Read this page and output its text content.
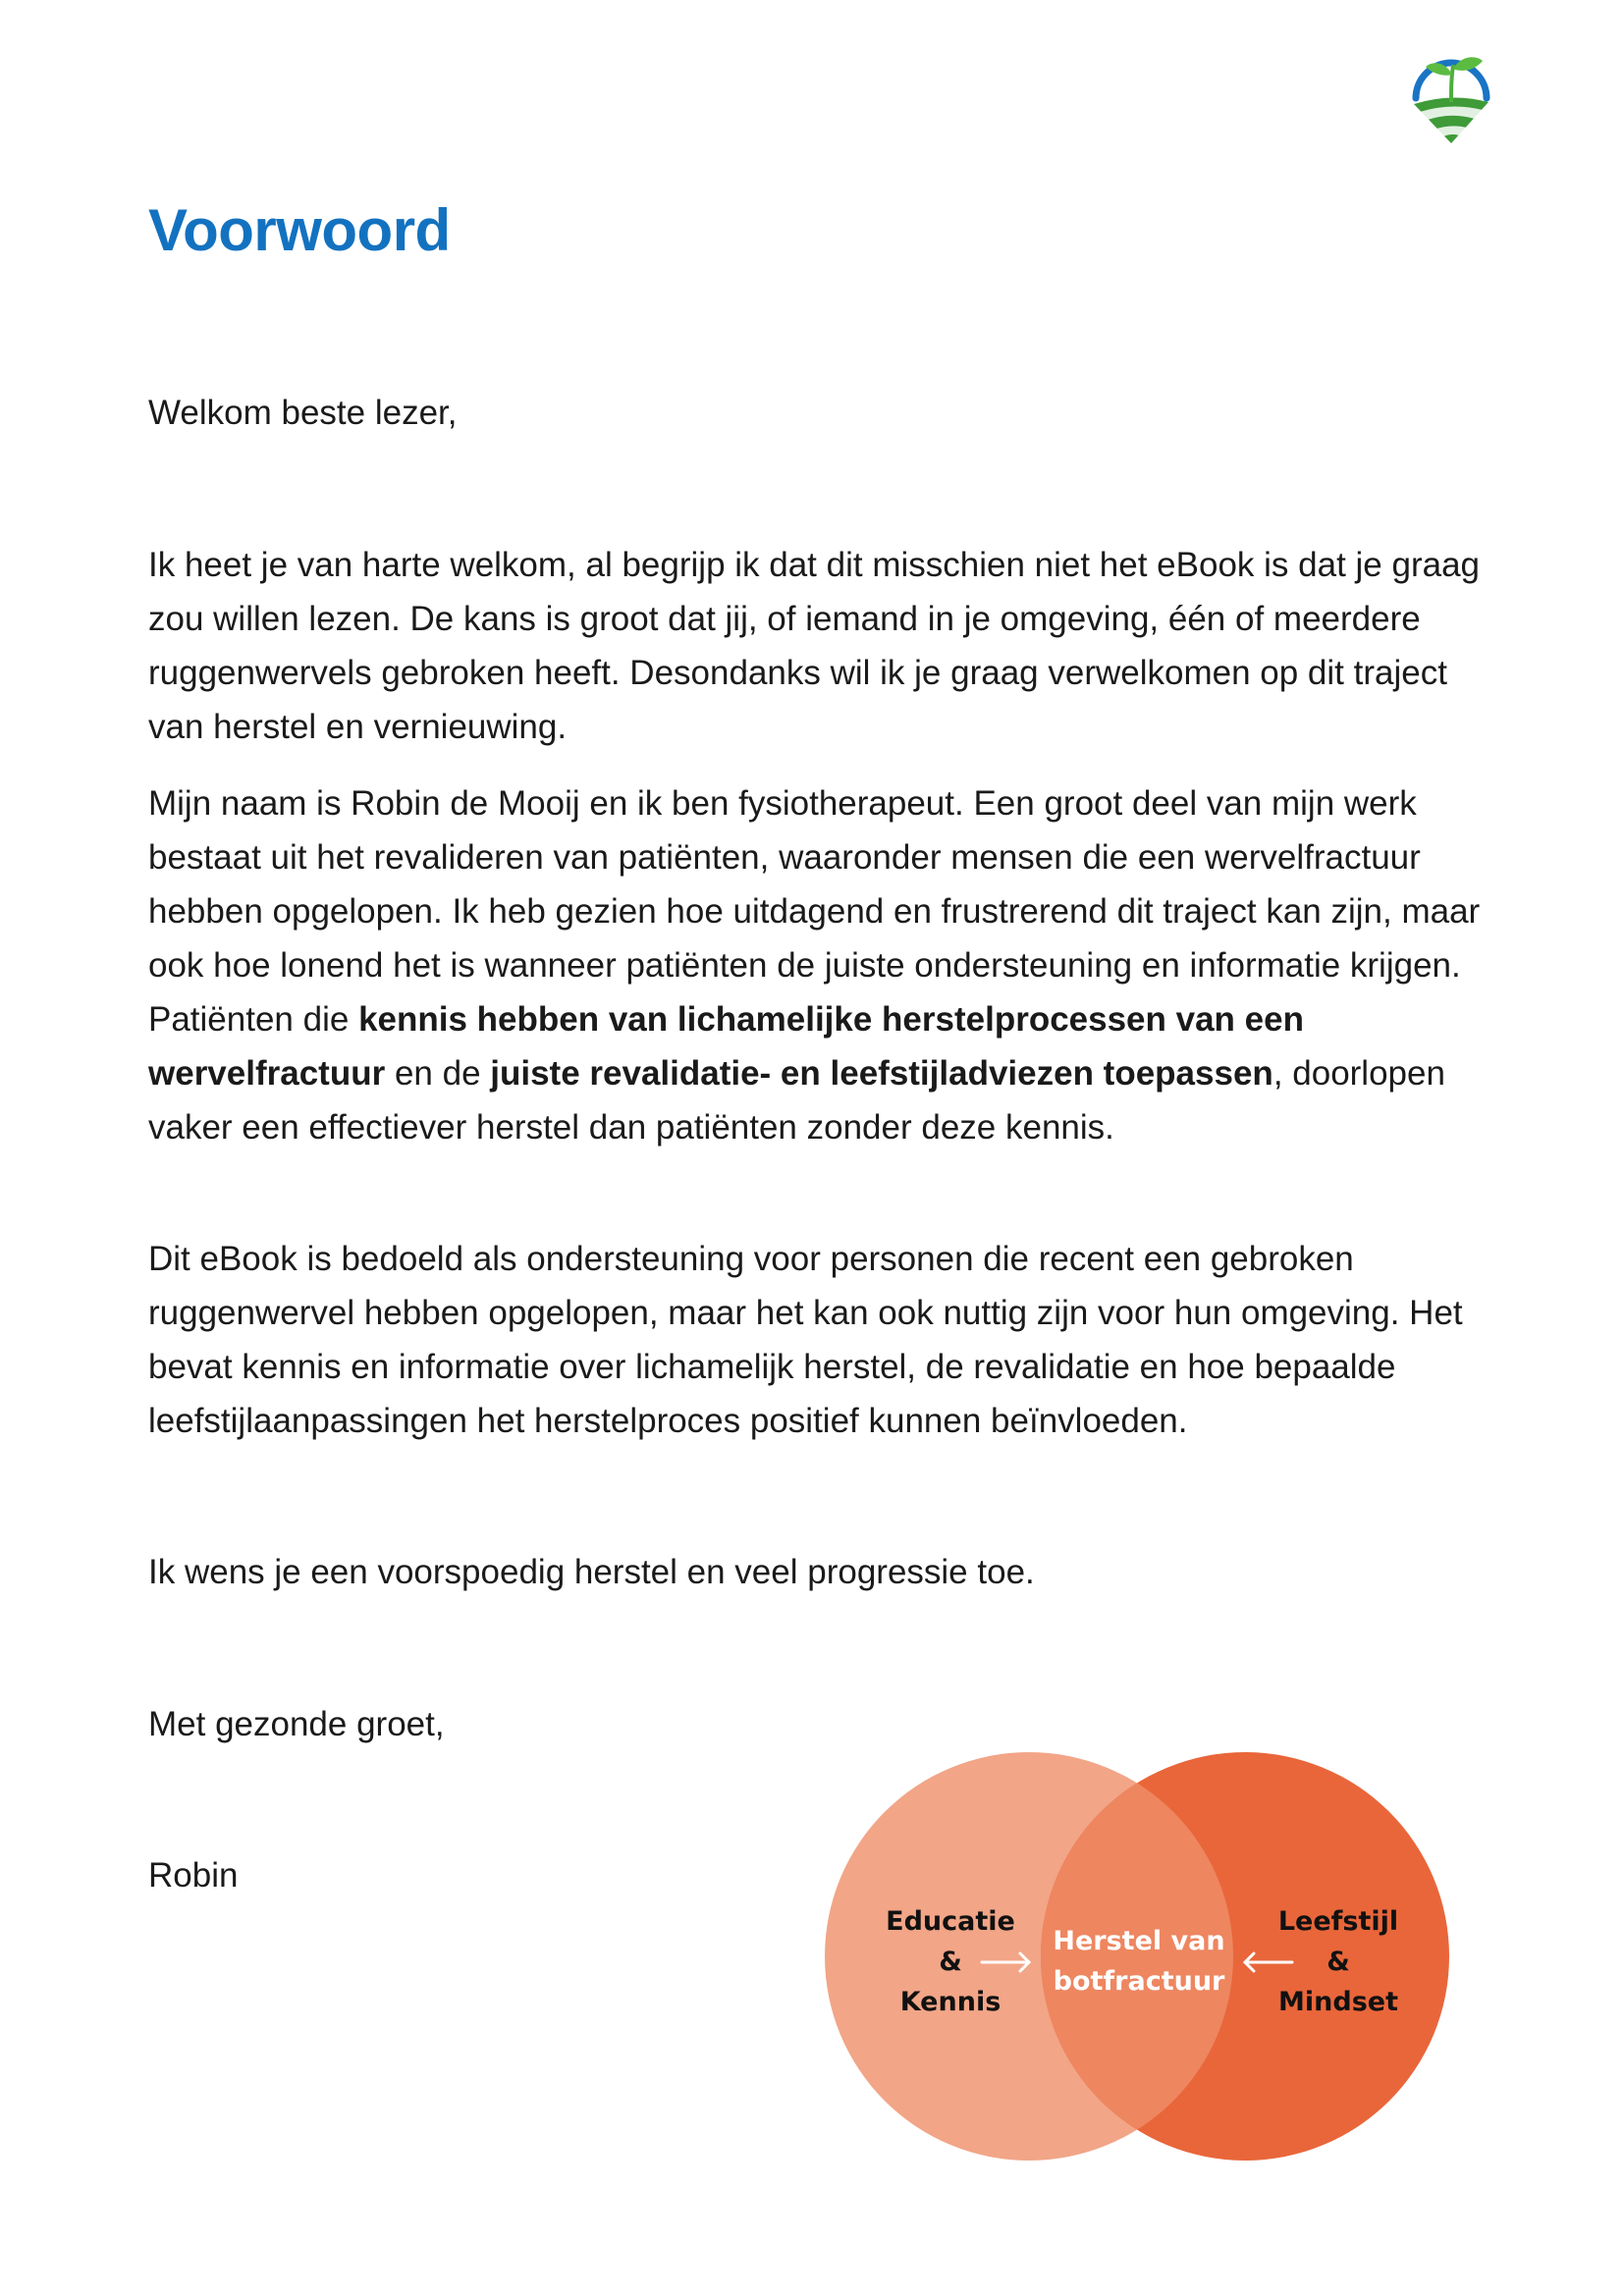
Voorwoord

Welkom beste lezer,

Ik heet je van harte welkom, al begrijp ik dat dit misschien niet het eBook is dat je graag zou willen lezen. De kans is groot dat jij, of iemand in je omgeving, één of meerdere ruggenwervels gebroken heeft. Desondanks wil ik je graag verwelkomen op dit traject van herstel en vernieuwing.

Mijn naam is Robin de Mooij en ik ben fysiotherapeut. Een groot deel van mijn werk bestaat uit het revalideren van patiënten, waaronder mensen die een wervelfractuur hebben opgelopen. Ik heb gezien hoe uitdagend en frustrerend dit traject kan zijn, maar ook hoe lonend het is wanneer patiënten de juiste ondersteuning en informatie krijgen. Patiënten die kennis hebben van lichamelijke herstelprocessen van een wervelfractuur en de juiste revalidatie- en leefstijladviezen toepassen, doorlopen vaker een effectiever herstel dan patiënten zonder deze kennis.

Dit eBook is bedoeld als ondersteuning voor personen die recent een gebroken ruggenwervel hebben opgelopen, maar het kan ook nuttig zijn voor hun omgeving. Het bevat kennis en informatie over lichamelijk herstel, de revalidatie en hoe bepaalde leefstijlaanpassingen het herstelproces positief kunnen beïnvloeden.

Ik wens je een voorspoedig herstel en veel progressie toe.

Met gezonde groet,

Robin

Educatie
&
Kennis
Herstel van
botfractuur
Leefstijl
&
Mindset
